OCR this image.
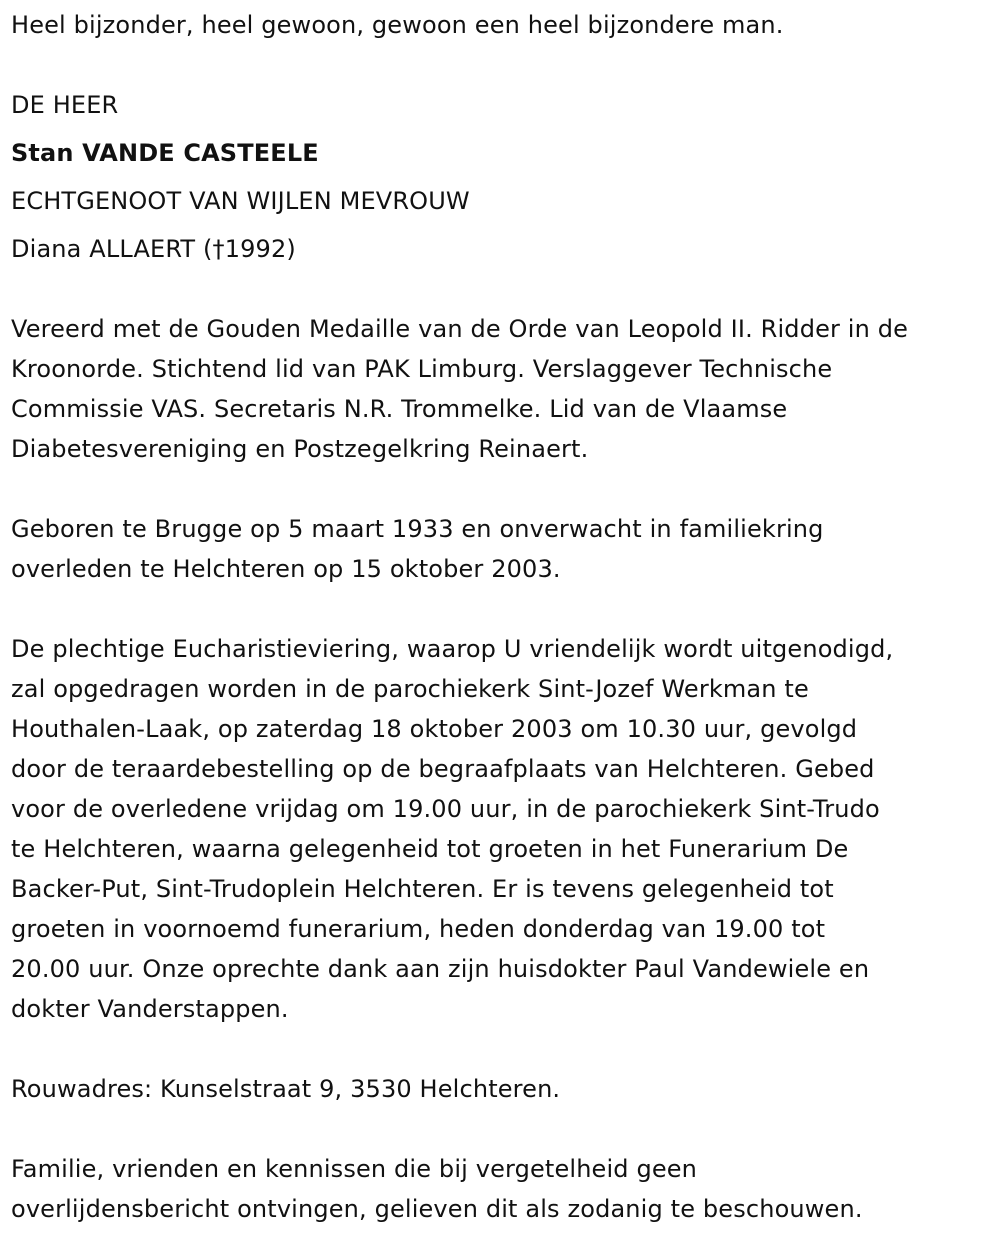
Heel bijzonder, heel gewoon, gewoon een heel bijzondere man.

DE HEER

Stan VANDE CASTEELE

ECHTGENOOT VAN WIJLEN MEVROUW

Diana ALLAERT (†1992)

Vereerd met de Gouden Medaille van de Orde van Leopold II. Ridder in de

Kroonorde. Stichtend lid van PAK Limburg. Verslaggever Technische

Commissie VAS. Secretaris N.R. Trommelke. Lid van de Vlaamse

Diabetesvereniging en Postzegelkring Reinaert.

Geboren te Brugge op 5 maart 1933 en onverwacht in familiekring

overleden te Helchteren op 15 oktober 2003.

De plechtige Eucharistieviering, waarop U vriendelijk wordt uitgenodigd,

zal opgedragen worden in de parochiekerk Sint-Jozef Werkman te

Houthalen-Laak, op zaterdag 18 oktober 2003 om 10.30 uur, gevolgd

door de teraardebestelling op de begraafplaats van Helchteren. Gebed

voor de overledene vrijdag om 19.00 uur, in de parochiekerk Sint-Trudo

te Helchteren, waarna gelegenheid tot groeten in het Funerarium De

Backer-Put, Sint-Trudoplein Helchteren. Er is tevens gelegenheid tot

groeten in voornoemd funerarium, heden donderdag van 19.00 tot

20.00 uur. Onze oprechte dank aan zijn huisdokter Paul Vandewiele en

dokter Vanderstappen.

Rouwadres: Kunselstraat 9, 3530 Helchteren.

Familie, vrienden en kennissen die bij vergetelheid geen

overlijdensbericht ontvingen, gelieven dit als zodanig te beschouwen.
